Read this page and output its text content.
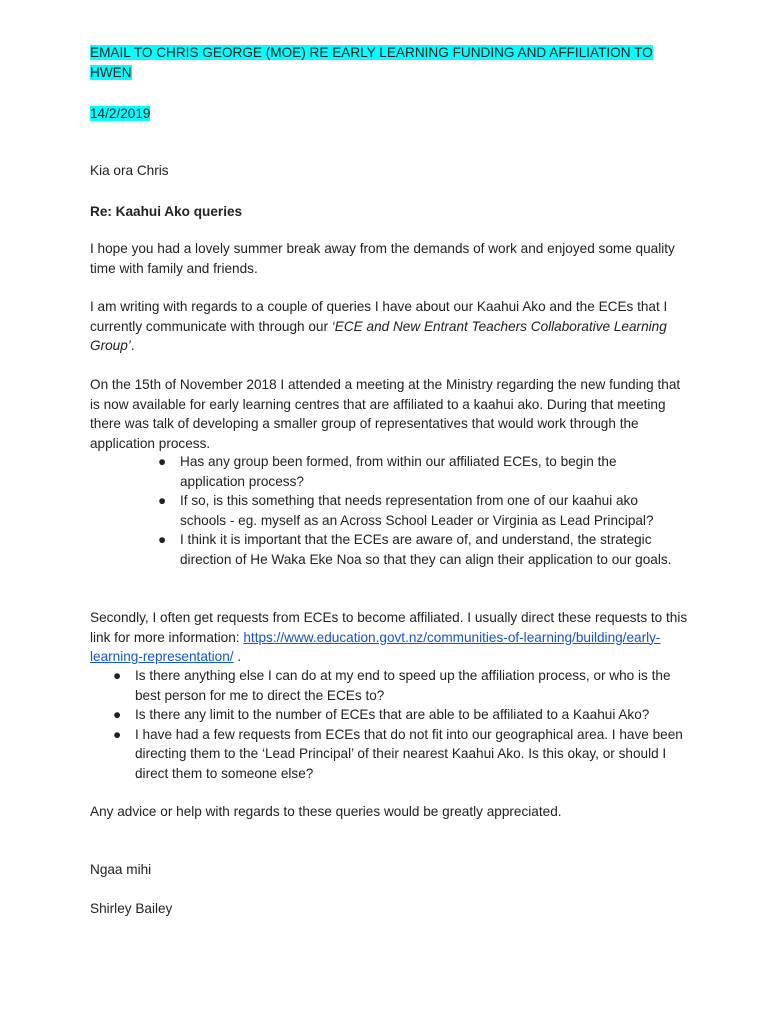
EMAIL TO CHRIS GEORGE (MOE) RE EARLY LEARNING FUNDING AND AFFILIATION TO HWEN

14/2/2019

Kia ora Chris

Re: Kaahui Ako queries

I hope you had a lovely summer break away from the demands of work and enjoyed some quality time with family and friends.

I am writing with regards to a couple of queries I have about our Kaahui Ako and the ECEs that I currently communicate with through our ‘ECE and New Entrant Teachers Collaborative Learning Group’.

On the 15th of November 2018 I attended a meeting at the Ministry regarding the new funding that is now available for early learning centres that are affiliated to a kaahui ako. During that meeting there was talk of developing a smaller group of representatives that would work through the application process.

● Has any group been formed, from within our affiliated ECEs, to begin the application process?
● If so, is this something that needs representation from one of our kaahui ako schools - eg. myself as an Across School Leader or Virginia as Lead Principal?
● I think it is important that the ECEs are aware of, and understand, the strategic direction of He Waka Eke Noa so that they can align their application to our goals.

Secondly, I often get requests from ECEs to become affiliated. I usually direct these requests to this link for more information: https://www.education.govt.nz/communities-of-learning/building/early-learning-representation/ .

● Is there anything else I can do at my end to speed up the affiliation process, or who is the best person for me to direct the ECEs to?
● Is there any limit to the number of ECEs that are able to be affiliated to a Kaahui Ako?
● I have had a few requests from ECEs that do not fit into our geographical area. I have been directing them to the ‘Lead Principal’ of their nearest Kaahui Ako. Is this okay, or should I direct them to someone else?

Any advice or help with regards to these queries would be greatly appreciated.

Ngaa mihi

Shirley Bailey
